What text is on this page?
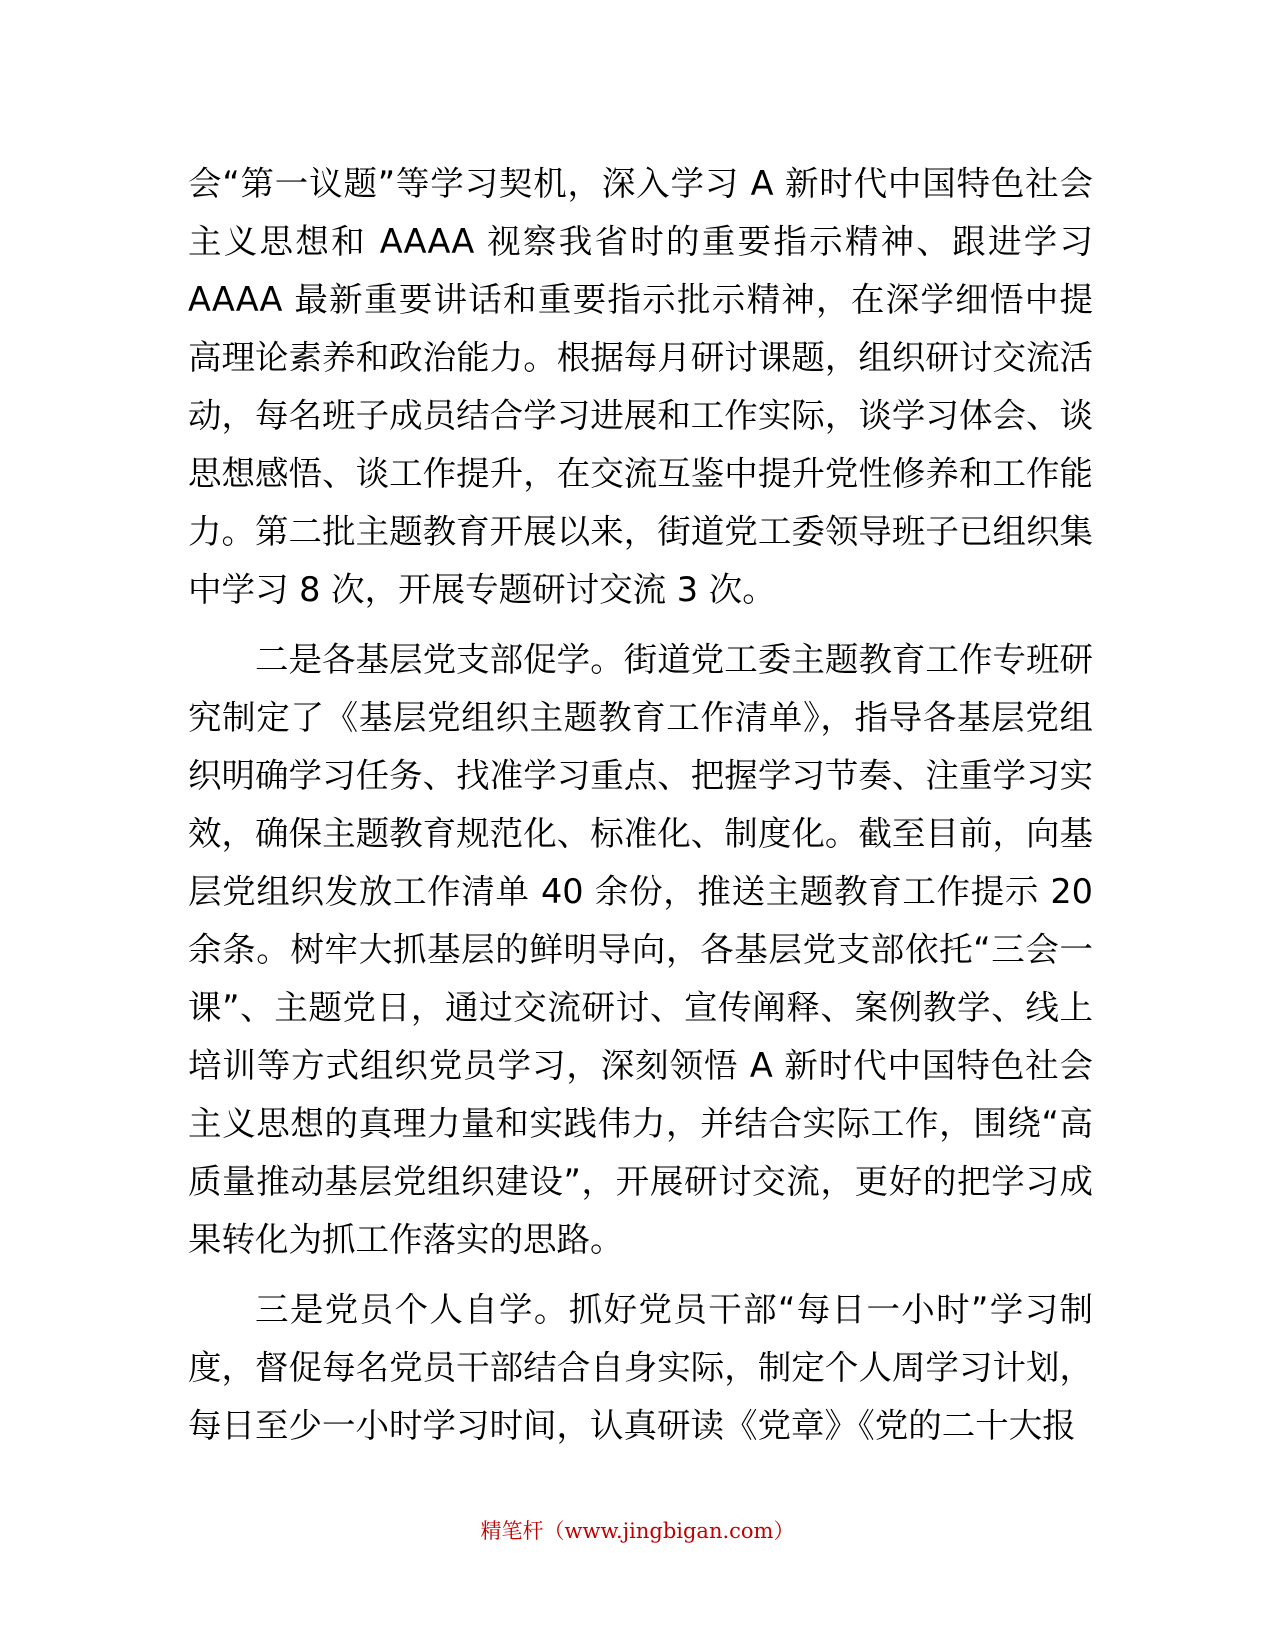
会“第一议题”等学习契机，深入学习 A 新时代中国特色社会主义思想和 AAAA 视察我省时的重要指示精神、跟进学习 AAAA 最新重要讲话和重要指示批示精神，在深学细悟中提高理论素养和政治能力。根据每月研讨课题，组织研讨交流活动，每名班子成员结合学习进展和工作实际，谈学习体会、谈思想感悟、谈工作提升，在交流互鉴中提升党性修养和工作能力。第二批主题教育开展以来，街道党工委领导班子已组织集中学习 8 次，开展专题研讨交流 3 次。

二是各基层党支部促学。街道党工委主题教育工作专班研究制定了《基层党组织主题教育工作清单》，指导各基层党组织明确学习任务、找准学习重点、把握学习节奏、注重学习实效，确保主题教育规范化、标准化、制度化。截至目前，向基层党组织发放工作清单 40 余份，推送主题教育工作提示 20 余条。树牢大抓基层的鲜明导向，各基层党支部依托“三会一课”、主题党日，通过交流研讨、宣传阐释、案例教学、线上培训等方式组织党员学习，深刻领悟 A 新时代中国特色社会主义思想的真理力量和实践伟力，并结合实际工作，围绕“高质量推动基层党组织建设”，开展研讨交流，更好的把学习成果转化为抓工作落实的思路。

三是党员个人自学。抓好党员干部“每日一小时”学习制度，督促每名党员干部结合自身实际，制定个人周学习计划，每日至少一小时学习时间，认真研读《党章》《党的二十大报

精笔杆（www.jingbigan.com）
